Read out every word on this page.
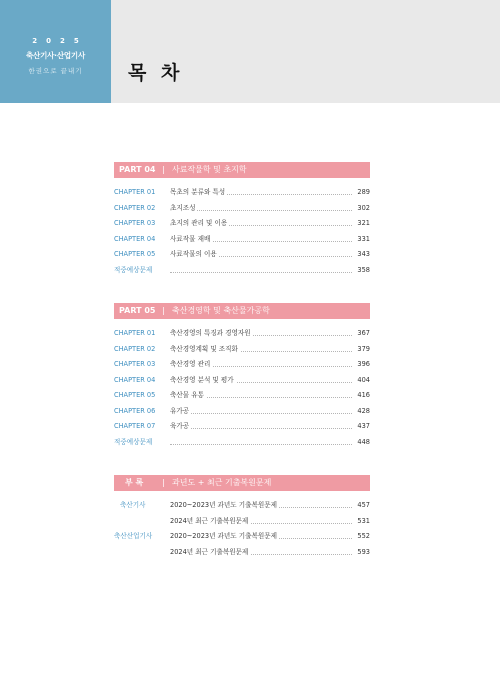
2025
축산기사·산업기사
한권으로 끝내기	목 차
PART 04 | 사료작물학 및 초지학
CHAPTER 01 목초의 분류와 특성	289
CHAPTER 02 초지조성	302
CHAPTER 03 초지의 관리 및 이용	321
CHAPTER 04 사료작물 재배	331
CHAPTER 05 사료작물의 이용	343
적중예상문제	358
PART 05 | 축산경영학 및 축산물가공학
CHAPTER 01 축산경영의 특징과 경영자원	367
CHAPTER 02 축산경영계획 및 조직화	379
CHAPTER 03 축산경영 관리	396
CHAPTER 04 축산경영 분석 및 평가	404
CHAPTER 05 축산물 유통	416
CHAPTER 06 유가공	428
CHAPTER 07 육가공	437
적중예상문제	448
부 록 | 과년도 + 최근 기출복원문제
축산기사	2020~2023년 과년도 기출복원문제	457
2024년 최근 기출복원문제	531
축산산업기사	2020~2023년 과년도 기출복원문제	552
2024년 최근 기출복원문제	593
